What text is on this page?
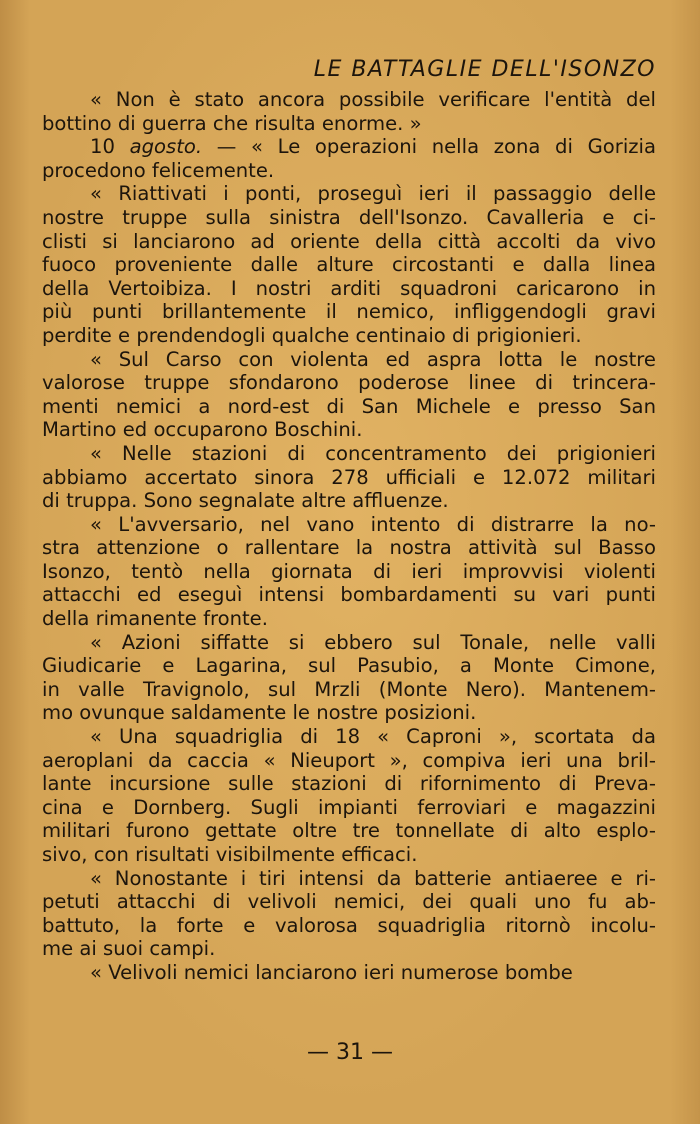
LE BATTAGLIE DELL'ISONZO
« Non è stato ancora possibile verificare l'entità del
bottino di guerra che risulta enorme. »
10 agosto. — « Le operazioni nella zona di Gorizia
procedono felicemente.
« Riattivati i ponti, proseguì ieri il passaggio delle
nostre truppe sulla sinistra dell'Isonzo. Cavalleria e ci-
clisti si lanciarono ad oriente della città accolti da vivo
fuoco proveniente dalle alture circostanti e dalla linea
della Vertoibiza. I nostri arditi squadroni caricarono in
più punti brillantemente il nemico, infliggendogli gravi
perdite e prendendogli qualche centinaio di prigionieri.
« Sul Carso con violenta ed aspra lotta le nostre
valorose truppe sfondarono poderose linee di trincera-
menti nemici a nord-est di San Michele e presso San
Martino ed occuparono Boschini.
« Nelle stazioni di concentramento dei prigionieri
abbiamo accertato sinora 278 ufficiali e 12.072 militari
di truppa. Sono segnalate altre affluenze.
« L'avversario, nel vano intento di distrarre la no-
stra attenzione o rallentare la nostra attività sul Basso
Isonzo, tentò nella giornata di ieri improvvisi violenti
attacchi ed eseguì intensi bombardamenti su vari punti
della rimanente fronte.
« Azioni siffatte si ebbero sul Tonale, nelle valli
Giudicarie e Lagarina, sul Pasubio, a Monte Cimone,
in valle Travignolo, sul Mrzli (Monte Nero). Mantenem-
mo ovunque saldamente le nostre posizioni.
« Una squadriglia di 18 « Caproni », scortata da
aeroplani da caccia « Nieuport », compiva ieri una bril-
lante incursione sulle stazioni di rifornimento di Preva-
cina e Dornberg. Sugli impianti ferroviari e magazzini
militari furono gettate oltre tre tonnellate di alto esplo-
sivo, con risultati visibilmente efficaci.
« Nonostante i tiri intensi da batterie antiaeree e ri-
petuti attacchi di velivoli nemici, dei quali uno fu ab-
battuto, la forte e valorosa squadriglia ritornò incolu-
me ai suoi campi.
« Velivoli nemici lanciarono ieri numerose bombe
— 31 —
